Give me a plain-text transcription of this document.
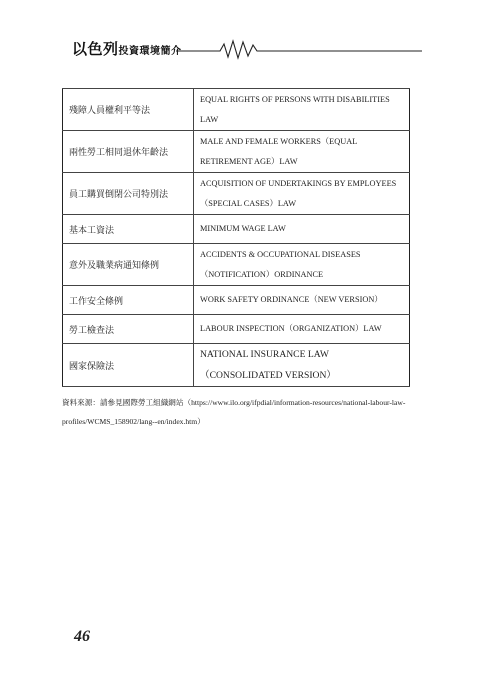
以色列投資環境簡介
殘障人員權利平等法	EQUAL RIGHTS OF PERSONS WITH DISABILITIES
LAW

兩性勞工相同退休年齡法	MALE AND FEMALE WORKERS（EQUAL
RETIREMENT AGE）LAW

員工購買倒閉公司特別法	ACQUISITION OF UNDERTAKINGS BY EMPLOYEES
（SPECIAL CASES）LAW

基本工資法	MINIMUM WAGE LAW

意外及職業病通知條例	ACCIDENTS & OCCUPATIONAL DISEASES
（NOTIFICATION）ORDINANCE

工作安全條例	WORK SAFETY ORDINANCE（NEW VERSION）

勞工檢查法	LABOUR INSPECTION（ORGANIZATION）LAW

國家保險法	NATIONAL INSURANCE LAW
（CONSOLIDATED VERSION）
資料來源：請參見國際勞工組織網站（https://www.ilo.org/ifpdial/information-resources/national-labour-law-profiles/WCMS_158902/lang--en/index.htm）
46
